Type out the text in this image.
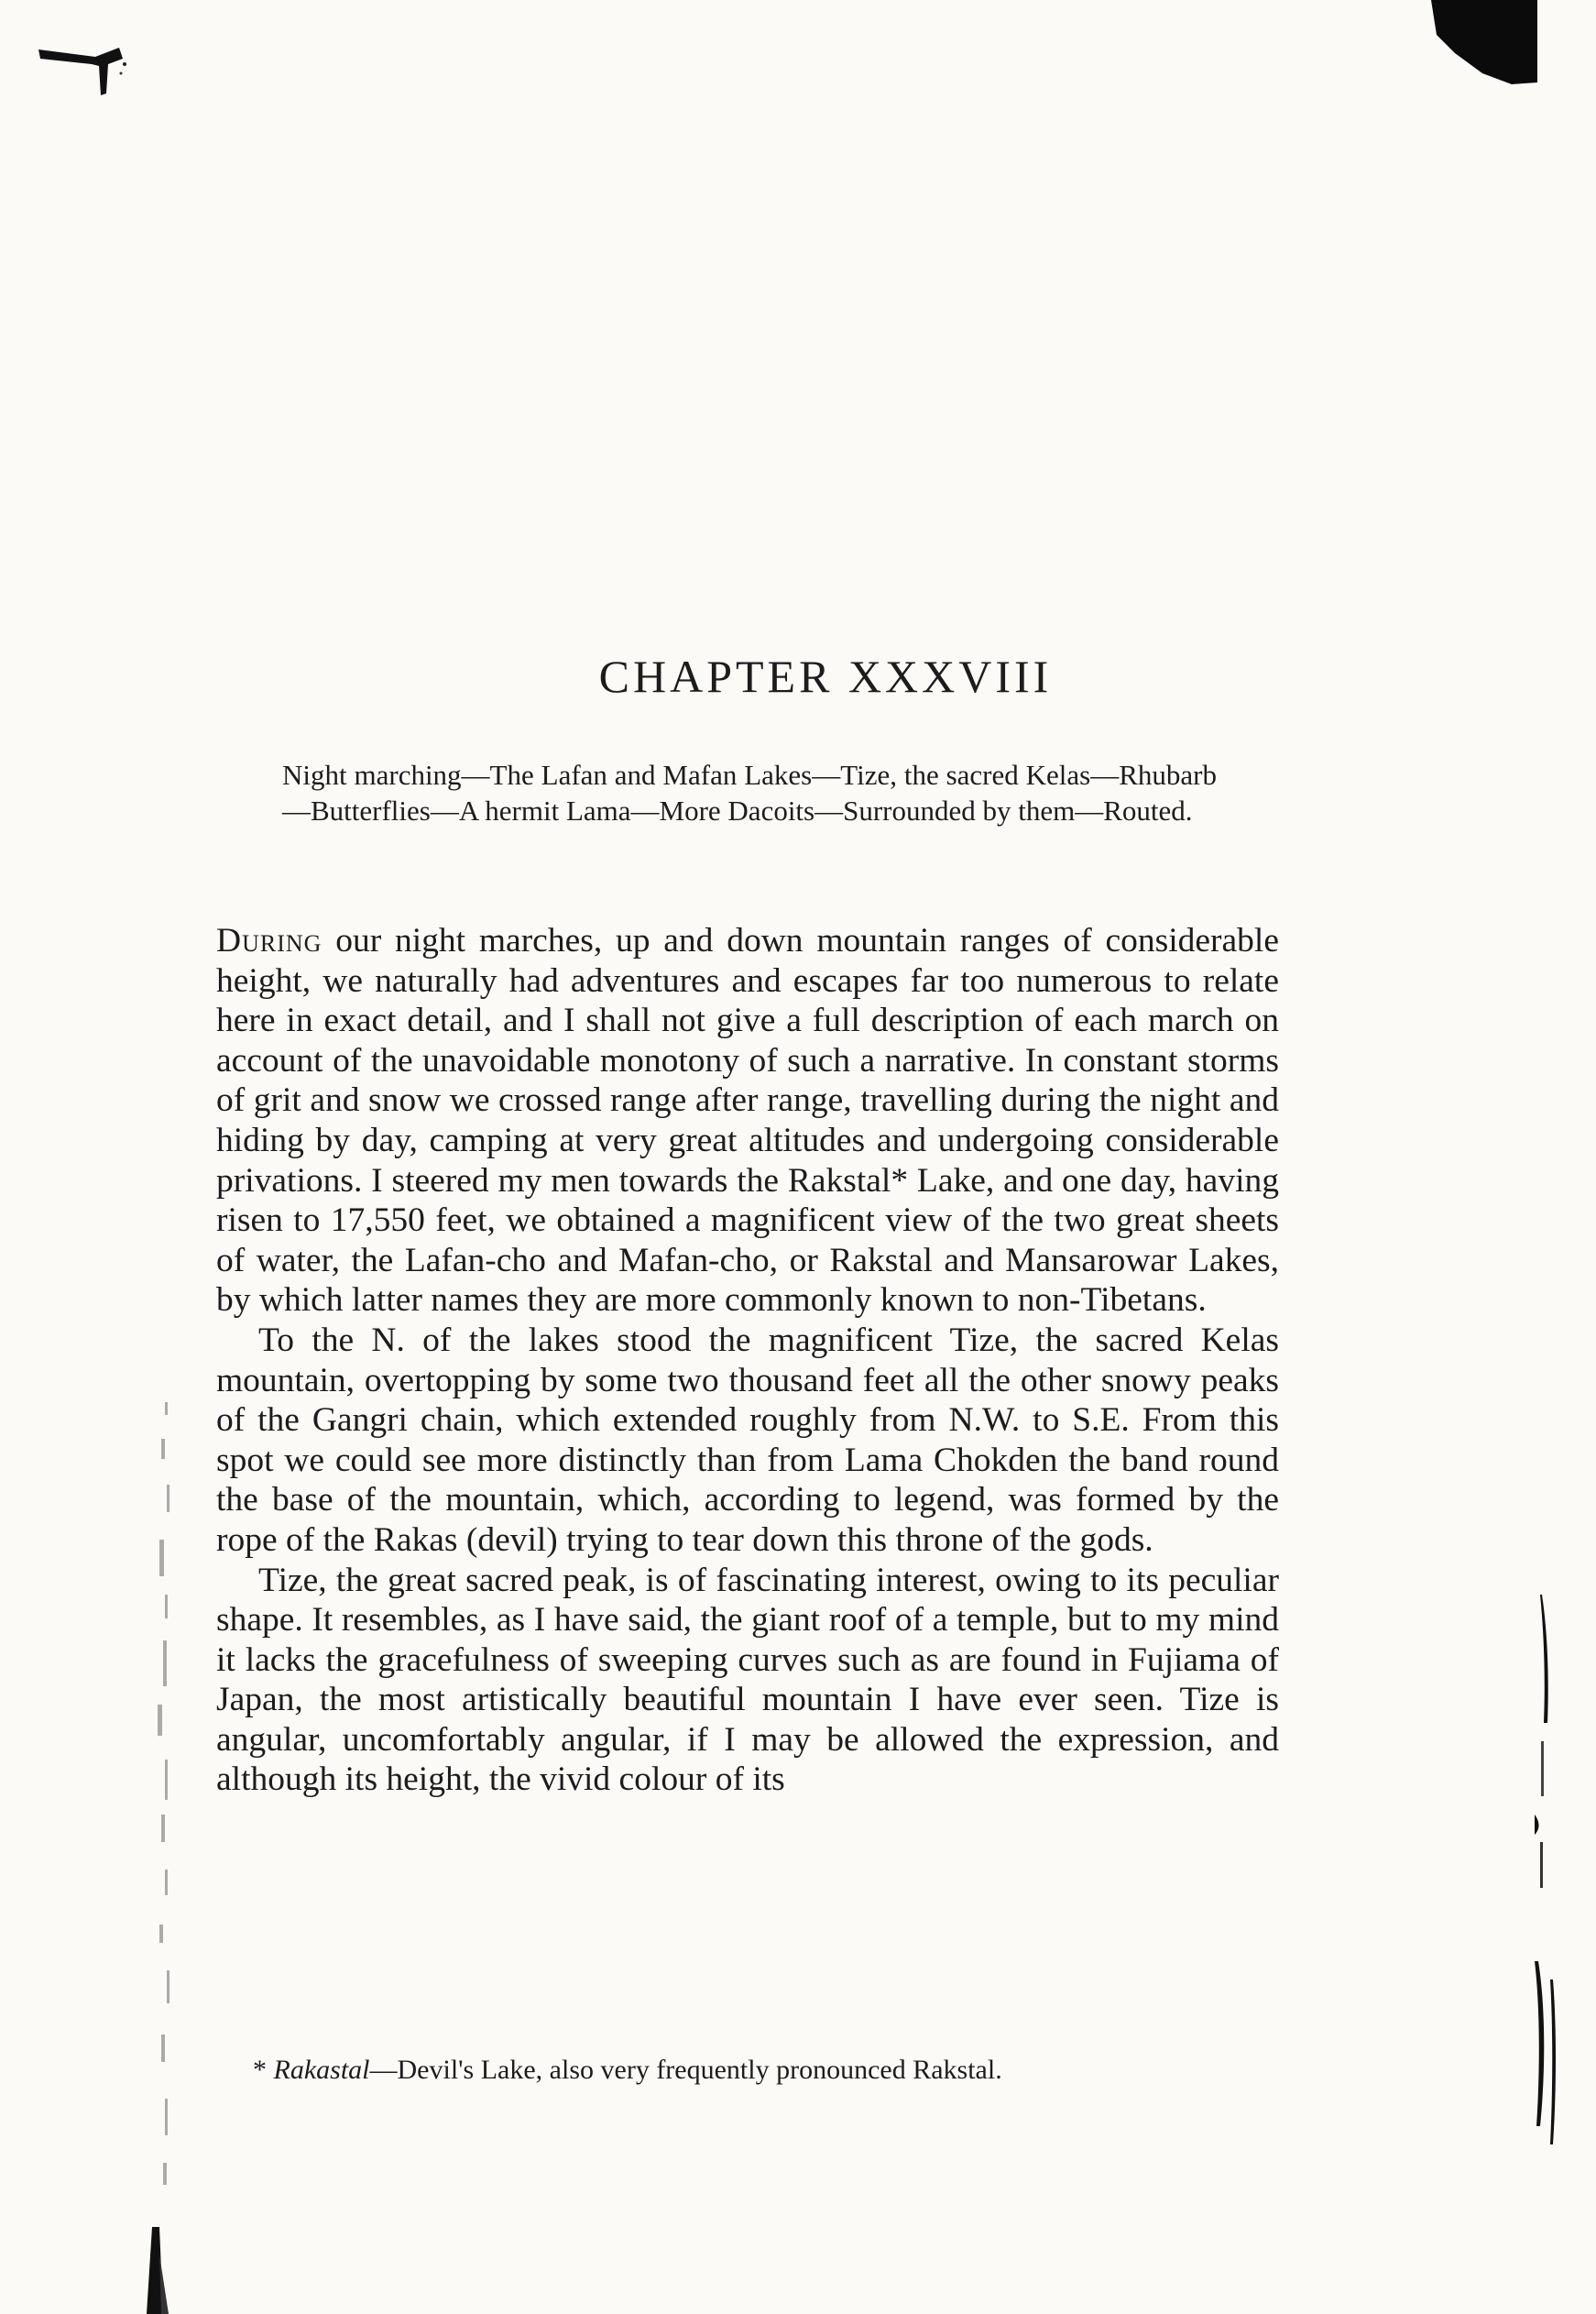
CHAPTER XXXVIII

Night marching—The Lafan and Mafan Lakes—Tize, the sacred Kelas—Rhubarb—Butterflies—A hermit Lama—More Dacoits—Surrounded by them—Routed.

During our night marches, up and down mountain ranges of considerable height, we naturally had adventures and escapes far too numerous to relate here in exact detail, and I shall not give a full description of each march on account of the unavoidable monotony of such a narrative. In constant storms of grit and snow we crossed range after range, travelling during the night and hiding by day, camping at very great altitudes and undergoing considerable privations. I steered my men towards the Rakstal* Lake, and one day, having risen to 17,550 feet, we obtained a magnificent view of the two great sheets of water, the Lafan-cho and Mafan-cho, or Rakstal and Mansarowar Lakes, by which latter names they are more commonly known to non-Tibetans.

To the N. of the lakes stood the magnificent Tize, the sacred Kelas mountain, overtopping by some two thousand feet all the other snowy peaks of the Gangri chain, which extended roughly from N.W. to S.E. From this spot we could see more distinctly than from Lama Chokden the band round the base of the mountain, which, according to legend, was formed by the rope of the Rakas (devil) trying to tear down this throne of the gods.

Tize, the great sacred peak, is of fascinating interest, owing to its peculiar shape. It resembles, as I have said, the giant roof of a temple, but to my mind it lacks the gracefulness of sweeping curves such as are found in Fujiama of Japan, the most artistically beautiful mountain I have ever seen. Tize is angular, uncomfortably angular, if I may be allowed the expression, and although its height, the vivid colour of its

* Rakastal—Devil's Lake, also very frequently pronounced Rakstal.
